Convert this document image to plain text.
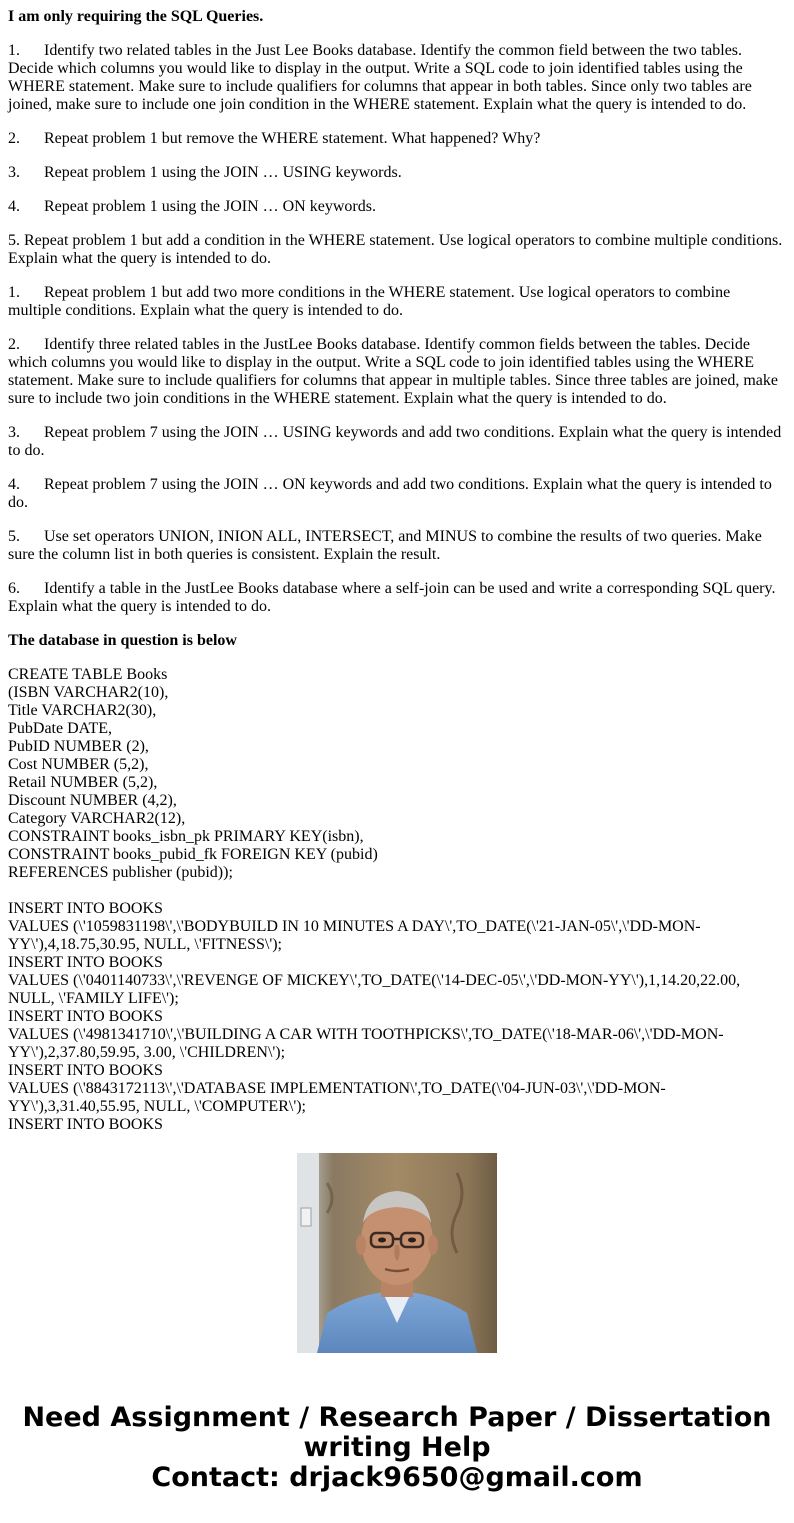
I am only requiring the SQL Queries.

1. Identify two related tables in the Just Lee Books database. Identify the common field between the two tables. Decide which columns you would like to display in the output. Write a SQL code to join identified tables using the WHERE statement. Make sure to include qualifiers for columns that appear in both tables. Since only two tables are joined, make sure to include one join condition in the WHERE statement. Explain what the query is intended to do.

2. Repeat problem 1 but remove the WHERE statement. What happened? Why?

3. Repeat problem 1 using the JOIN … USING keywords.

4. Repeat problem 1 using the JOIN … ON keywords.

5. Repeat problem 1 but add a condition in the WHERE statement. Use logical operators to combine multiple conditions. Explain what the query is intended to do.

1. Repeat problem 1 but add two more conditions in the WHERE statement. Use logical operators to combine multiple conditions. Explain what the query is intended to do.

2. Identify three related tables in the JustLee Books database. Identify common fields between the tables. Decide which columns you would like to display in the output. Write a SQL code to join identified tables using the WHERE statement. Make sure to include qualifiers for columns that appear in multiple tables. Since three tables are joined, make sure to include two join conditions in the WHERE statement. Explain what the query is intended to do.

3. Repeat problem 7 using the JOIN … USING keywords and add two conditions. Explain what the query is intended to do.

4. Repeat problem 7 using the JOIN … ON keywords and add two conditions. Explain what the query is intended to do.

5. Use set operators UNION, INION ALL, INTERSECT, and MINUS to combine the results of two queries. Make sure the column list in both queries is consistent. Explain the result.

6. Identify a table in the JustLee Books database where a self-join can be used and write a corresponding SQL query. Explain what the query is intended to do.

The database in question is below

CREATE TABLE Books
(ISBN VARCHAR2(10),
Title VARCHAR2(30),
PubDate DATE,
PubID NUMBER (2),
Cost NUMBER (5,2),
Retail NUMBER (5,2),
Discount NUMBER (4,2),
Category VARCHAR2(12),
CONSTRAINT books_isbn_pk PRIMARY KEY(isbn),
CONSTRAINT books_pubid_fk FOREIGN KEY (pubid)
REFERENCES publisher (pubid));
INSERT INTO BOOKS
VALUES (\'1059831198\',\'BODYBUILD IN 10 MINUTES A DAY\',TO_DATE(\'21-JAN-05\',\'DD-MON-YY\'),4,18.75,30.95, NULL, \'FITNESS\');
INSERT INTO BOOKS
VALUES (\'0401140733\',\'REVENGE OF MICKEY\',TO_DATE(\'14-DEC-05\',\'DD-MON-YY\'),1,14.20,22.00, NULL, \'FAMILY LIFE\');
INSERT INTO BOOKS
VALUES (\'4981341710\',\'BUILDING A CAR WITH TOOTHPICKS\',TO_DATE(\'18-MAR-06\',\'DD-MON-YY\'),2,37.80,59.95, 3.00, \'CHILDREN\');
INSERT INTO BOOKS
VALUES (\'8843172113\',\'DATABASE IMPLEMENTATION\',TO_DATE(\'04-JUN-03\',\'DD-MON-YY\'),3,31.40,55.95, NULL, \'COMPUTER\');
INSERT INTO BOOKS
Need Assignment / Research Paper / Dissertation
writing Help
Contact: drjack9650@gmail.com
